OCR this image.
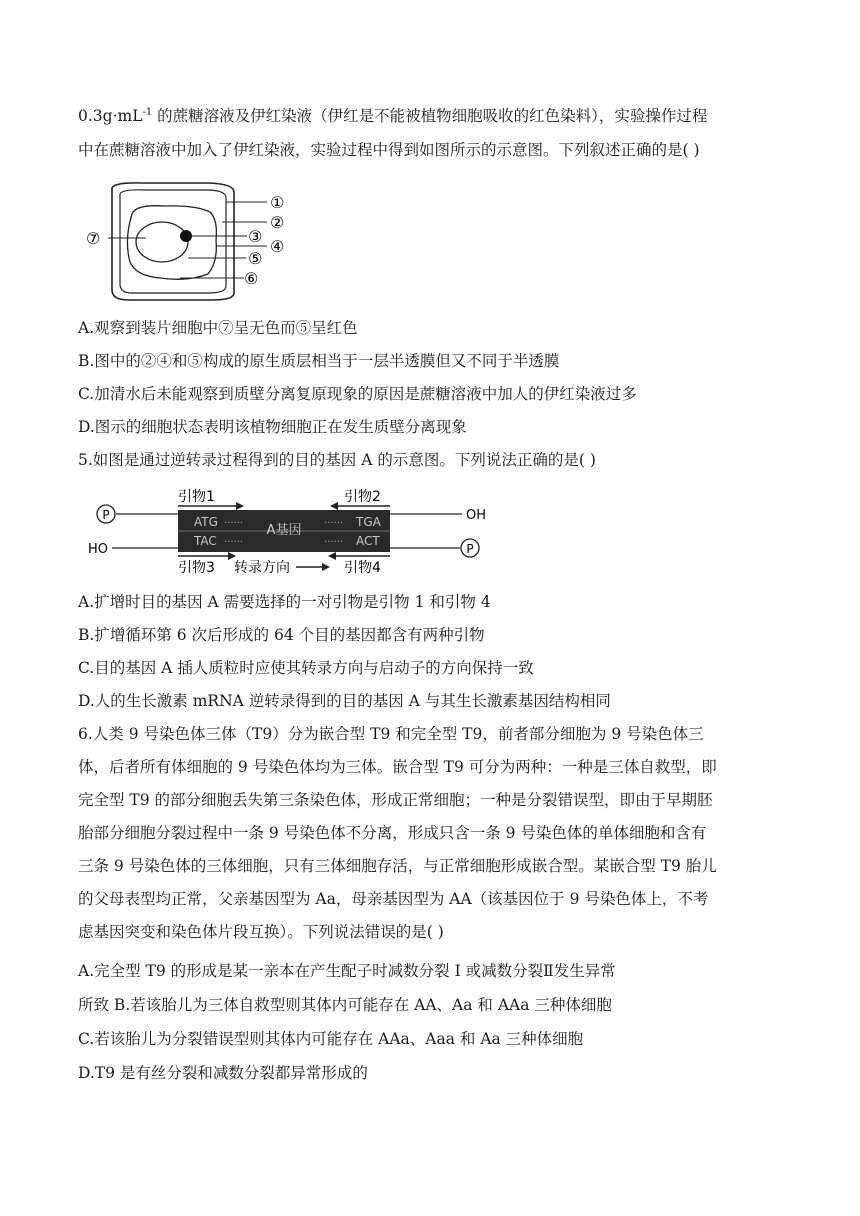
$0.3g\cdot mL^{-1}$ 的蔗糖溶液及伊红染液（伊红是不能被植物细胞吸收的红色染料），实验操作过程
中在蔗糖溶液中加入了伊红染液，实验过程中得到如图所示的示意图。下列叙述正确的是( )
①
②
③
④
⑤
⑥
⑦
A.观察到装片细胞中⑦呈无色而⑤呈红色
B.图中的②④和⑤构成的原生质层相当于一层半透膜但又不同于半透膜
C.加清水后未能观察到质壁分离复原现象的原因是蔗糖溶液中加人的伊红染液过多
D.图示的细胞状态表明该植物细胞正在发生质壁分离现象
5.如图是通过逆转录过程得到的目的基因 A 的示意图。下列说法正确的是( )
P	ATG
TAC
······
······
A基因 ······
······
TGA
ACT
OH
HO	P
引物1	引物2
引物3 转录方向	引物4
A.扩增时目的基因 A 需要选择的一对引物是引物 1 和引物 4
B.扩增循环第 6 次后形成的 64 个目的基因都含有两种引物
C.目的基因 A 插人质粒时应使其转录方向与启动子的方向保持一致
D.人的生长激素 mRNA 逆转录得到的目的基因 A 与其生长激素基因结构相同
6.人类 9 号染色体三体（T9）分为嵌合型 T9 和完全型 T9，前者部分细胞为 9 号染色体三
体，后者所有体细胞的 9 号染色体均为三体。嵌合型 T9 可分为两种：一种是三体自救型，即
完全型 T9 的部分细胞丢失第三条染色体，形成正常细胞；一种是分裂错误型，即由于早期胚
胎部分细胞分裂过程中一条 9 号染色体不分离，形成只含一条 9 号染色体的单体细胞和含有
三条 9 号染色体的三体细胞，只有三体细胞存活，与正常细胞形成嵌合型。某嵌合型 T9 胎儿
的父母表型均正常，父亲基因型为 Aa，母亲基因型为 AA（该基因位于 9 号染色体上，不考
虑基因突变和染色体片段互换）。下列说法错误的是( )
A.完全型 T9 的形成是某一亲本在产生配子时减数分裂 I 或减数分裂Ⅱ发生异常
所致 B.若该胎儿为三体自救型则其体内可能存在 AA、Aa 和 AAa 三种体细胞
C.若该胎儿为分裂错误型则其体内可能存在 AAa、Aaa 和 Aa 三种体细胞
D.T9 是有丝分裂和减数分裂都异常形成的
